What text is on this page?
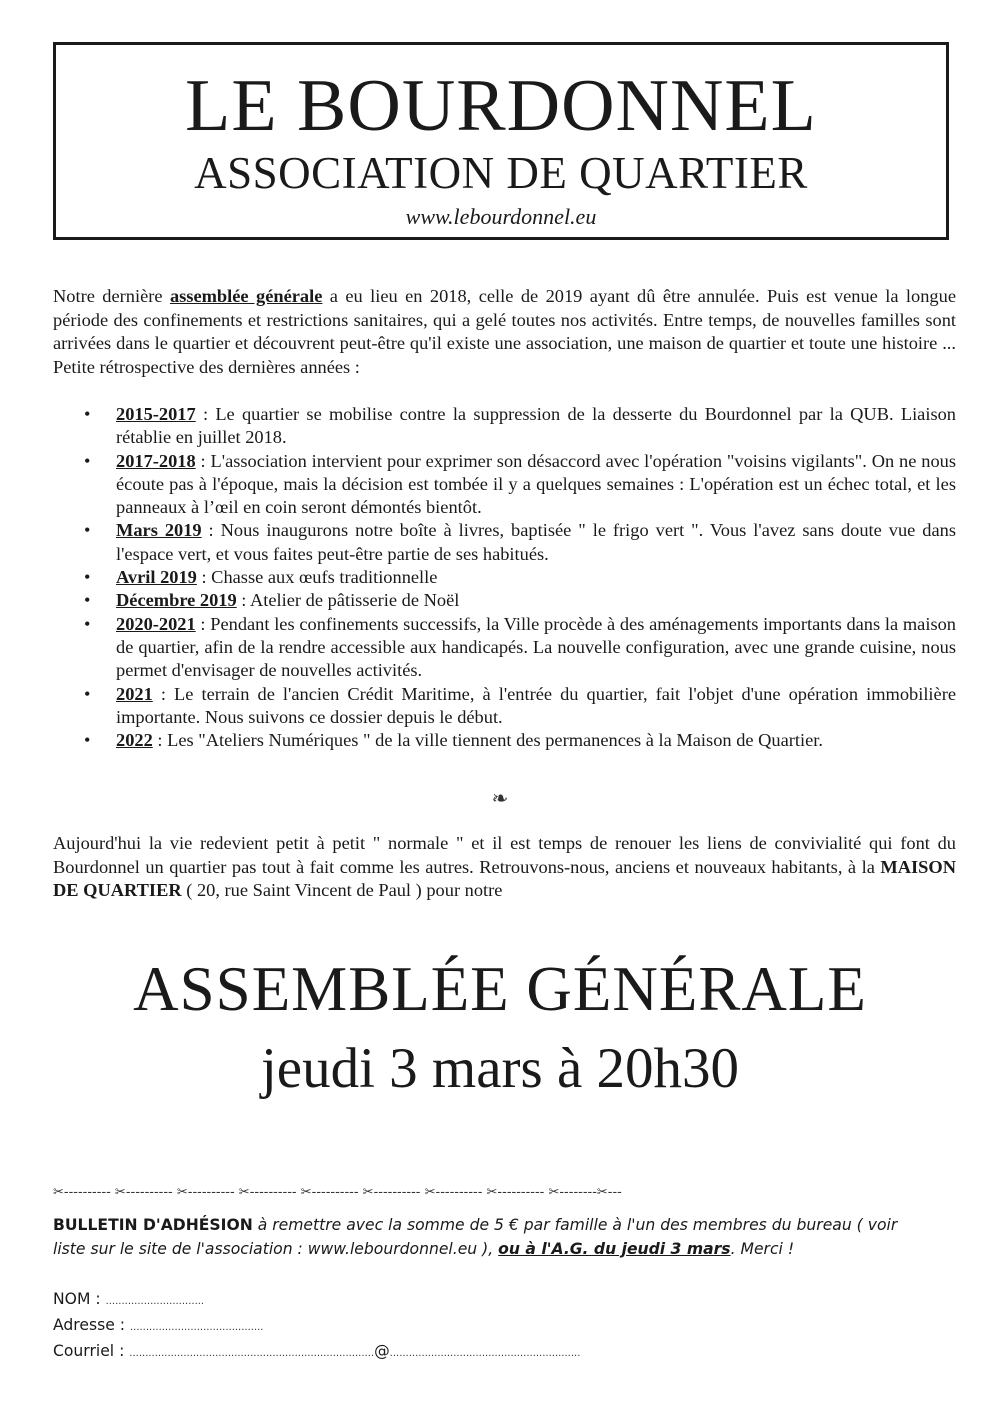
LE BOURDONNEL
ASSOCIATION DE QUARTIER
www.lebourdonnel.eu

Notre dernière assemblée générale a eu lieu en 2018, celle de 2019 ayant dû être annulée. Puis est venue la longue période des confinements et restrictions sanitaires, qui a gelé toutes nos activités. Entre temps, de nouvelles familles sont arrivées dans le quartier et découvrent peut-être qu'il existe une association, une maison de quartier et toute une histoire ... Petite rétrospective des dernières années :

• 2015-2017 : Le quartier se mobilise contre la suppression de la desserte du Bourdonnel par la QUB. Liaison rétablie en juillet 2018.
• 2017-2018 : L'association intervient pour exprimer son désaccord avec l'opération "voisins vigilants". On ne nous écoute pas à l'époque, mais la décision est tombée il y a quelques semaines : L'opération est un échec total, et les panneaux à l’œil en coin seront démontés bientôt.
• Mars 2019 : Nous inaugurons notre boîte à livres, baptisée " le frigo vert ". Vous l'avez sans doute vue dans l'espace vert, et vous faites peut-être partie de ses habitués.
• Avril 2019 : Chasse aux œufs traditionnelle
• Décembre 2019 : Atelier de pâtisserie de Noël
• 2020-2021 : Pendant les confinements successifs, la Ville procède à des aménagements importants dans la maison de quartier, afin de la rendre accessible aux handicapés. La nouvelle configuration, avec une grande cuisine, nous permet d'envisager de nouvelles activités.
• 2021 : Le terrain de l'ancien Crédit Maritime, à l'entrée du quartier, fait l'objet d'une opération immobilière importante. Nous suivons ce dossier depuis le début.
• 2022 : Les "Ateliers Numériques " de la ville tiennent des permanences à la Maison de Quartier.
❧

Aujourd'hui la vie redevient petit à petit " normale " et il est temps de renouer les liens de convivialité qui font du Bourdonnel un quartier pas tout à fait comme les autres. Retrouvons-nous, anciens et nouveaux habitants, à la MAISON DE QUARTIER ( 20, rue Saint Vincent de Paul ) pour notre

ASSEMBLÉE GÉNÉRALE
jeudi 3 mars à 20h30
✂---------- ✂---------- ✂---------- ✂---------- ✂---------- ✂---------- ✂---------- ✂---------- ✂--------✂---

BULLETIN D'ADHÉSION à remettre avec la somme de 5 € par famille à l'un des membres du bureau ( voir liste sur le site de l'association : www.lebourdonnel.eu ), ou à l'A.G. du jeudi 3 mars. Merci !

NOM : ...............................
Adresse : ..........................................
Courriel : .............................................................................@............................................................
